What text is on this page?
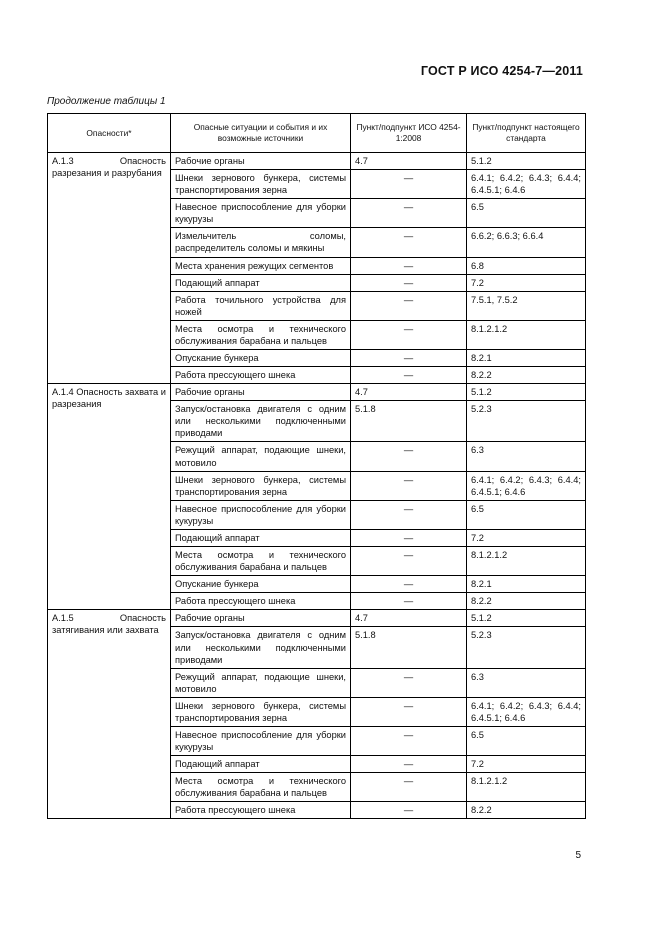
ГОСТ Р ИСО 4254-7—2011
Продолжение таблицы 1
Опасности*	Опасные ситуации и события и их возможные источники	Пункт/подпункт ИСО 4254-1:2008	Пункт/подпункт настоящего стандарта
А.1.3 Опасность разрезания и разрубания	Рабочие органы	4.7	5.1.2
	Шнеки зернового бункера, системы транспортирования зерна	—	6.4.1; 6.4.2; 6.4.3; 6.4.4; 6.4.5.1; 6.4.6
	Навесное приспособление для уборки кукурузы	—	6.5
	Измельчитель соломы, распределитель соломы и мякины	—	6.6.2; 6.6.3; 6.6.4
	Места хранения режущих сегментов	—	6.8
	Подающий аппарат	—	7.2
	Работа точильного устройства для ножей	—	7.5.1, 7.5.2
	Места осмотра и технического обслуживания барабана и пальцев	—	8.1.2.1.2
	Опускание бункера	—	8.2.1
	Работа прессующего шнека	—	8.2.2
А.1.4 Опасность захвата и разрезания	Рабочие органы	4.7	5.1.2
	Запуск/остановка двигателя с одним или несколькими подключенными приводами	5.1.8	5.2.3
	Режущий аппарат, подающие шнеки, мотовило	—	6.3
	Шнеки зернового бункера, системы транспортирования зерна	—	6.4.1; 6.4.2; 6.4.3; 6.4.4; 6.4.5.1; 6.4.6
	Навесное приспособление для уборки кукурузы	—	6.5
	Подающий аппарат	—	7.2
	Места осмотра и технического обслуживания барабана и пальцев	—	8.1.2.1.2
	Опускание бункера	—	8.2.1
	Работа прессующего шнека	—	8.2.2
А.1.5 Опасность затягивания или захвата	Рабочие органы	4.7	5.1.2
	Запуск/остановка двигателя с одним или несколькими подключенными приводами	5.1.8	5.2.3
	Режущий аппарат, подающие шнеки, мотовило	—	6.3
	Шнеки зернового бункера, системы транспортирования зерна	—	6.4.1; 6.4.2; 6.4.3; 6.4.4; 6.4.5.1; 6.4.6
	Навесное приспособление для уборки кукурузы	—	6.5
	Подающий аппарат	—	7.2
	Места осмотра и технического обслуживания барабана и пальцев	—	8.1.2.1.2
	Работа прессующего шнека	—	8.2.2
5
